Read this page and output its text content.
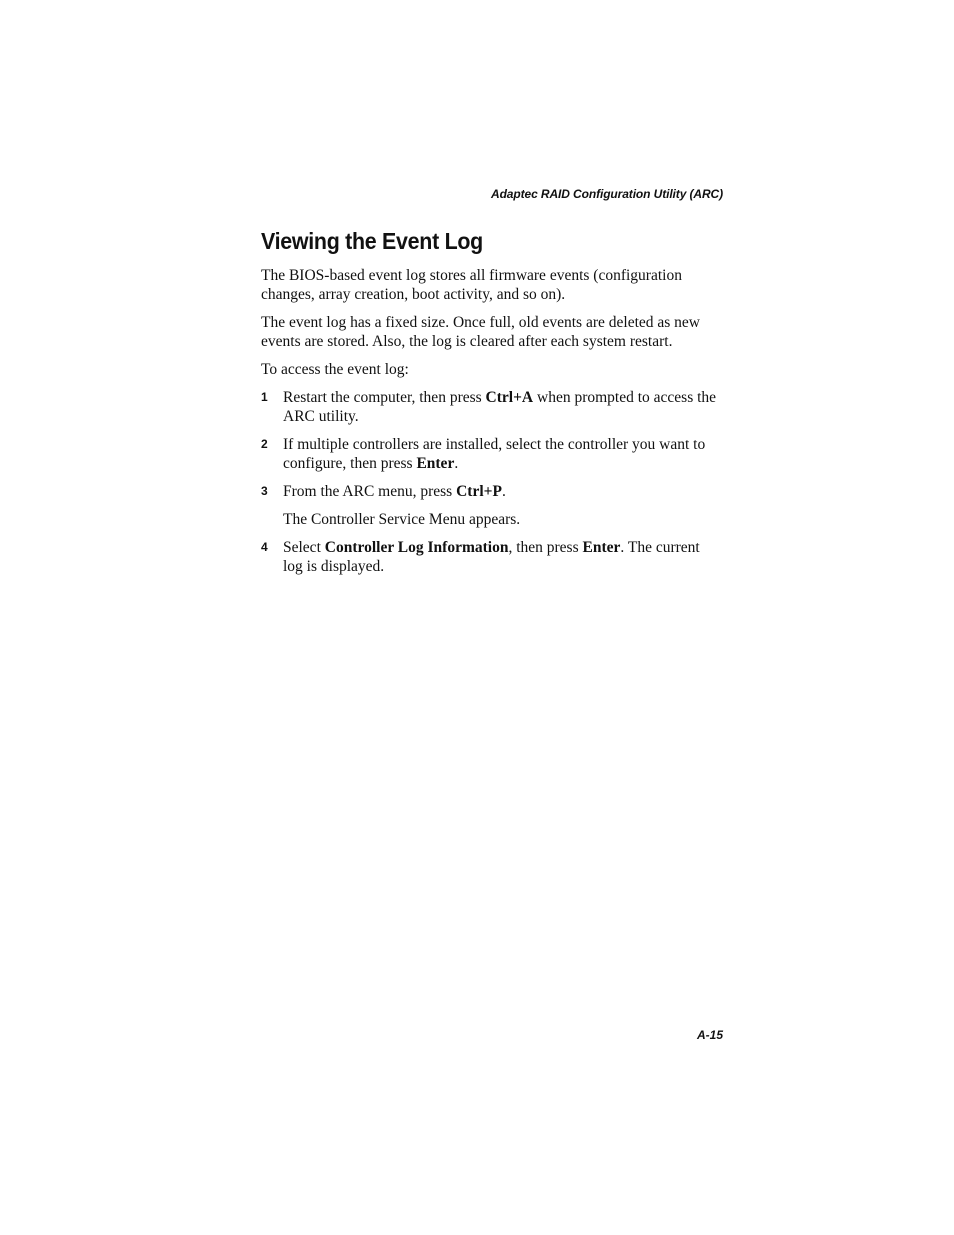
Adaptec RAID Configuration Utility (ARC)
Viewing the Event Log

The BIOS-based event log stores all firmware events (configuration changes, array creation, boot activity, and so on).

The event log has a fixed size. Once full, old events are deleted as new events are stored. Also, the log is cleared after each system restart.

To access the event log:

1 Restart the computer, then press Ctrl+A when prompted to access the ARC utility.
2 If multiple controllers are installed, select the controller you want to configure, then press Enter.
3 From the ARC menu, press Ctrl+P.
The Controller Service Menu appears.
4 Select Controller Log Information, then press Enter. The current log is displayed.
A-15
